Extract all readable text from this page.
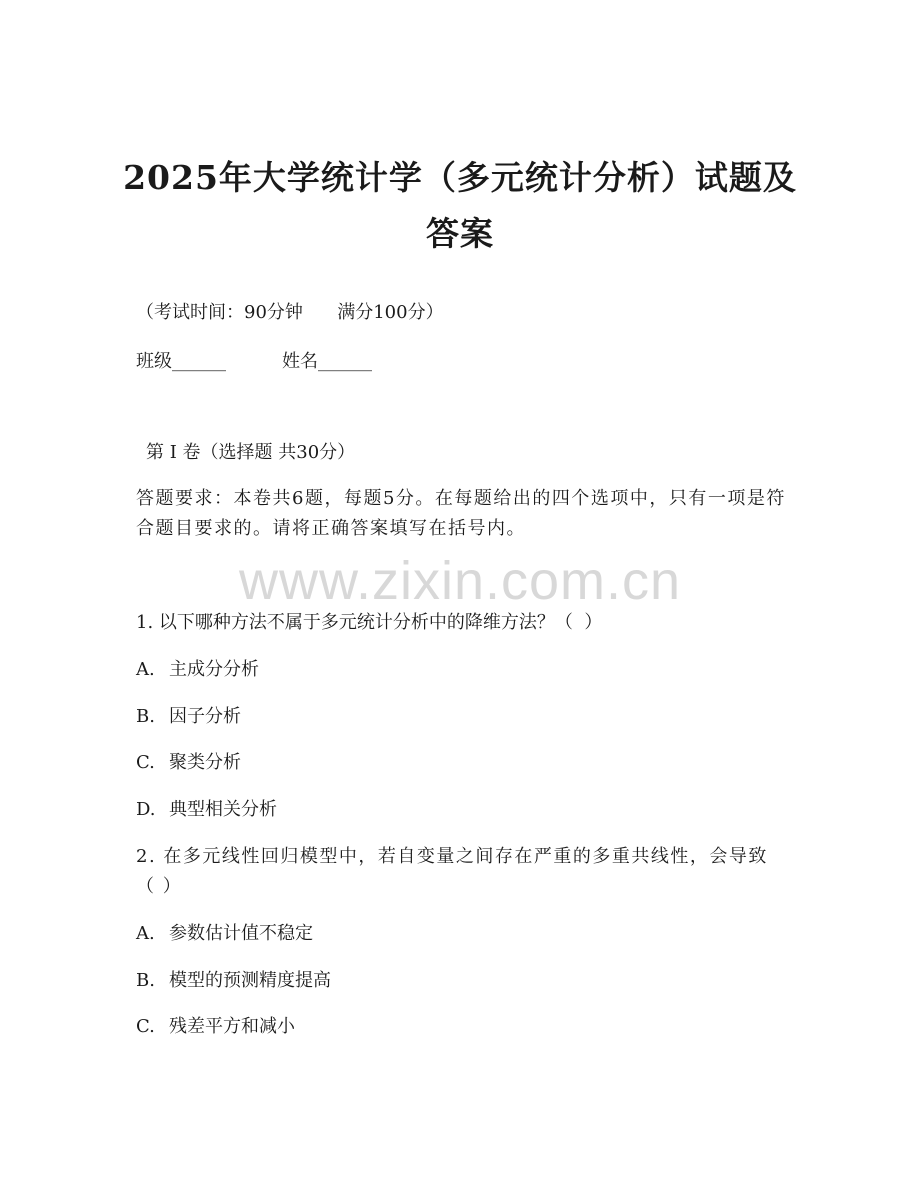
2025年大学统计学（多元统计分析）试题及答案
（考试时间：90分钟      满分100分）
班级______	姓名______
第 I 卷（选择题 共30分）
答题要求：本卷共6题，每题5分。在每题给出的四个选项中，只有一项是符合题目要求的。请将正确答案填写在括号内。
www.zixin.com.cn
1. 以下哪种方法不属于多元统计分析中的降维方法？（  ）
A. 主成分分析
B. 因子分析
C. 聚类分析
D. 典型相关分析
2. 在多元线性回归模型中，若自变量之间存在严重的多重共线性，会导致（ ）
A. 参数估计值不稳定
B. 模型的预测精度提高
C. 残差平方和减小
